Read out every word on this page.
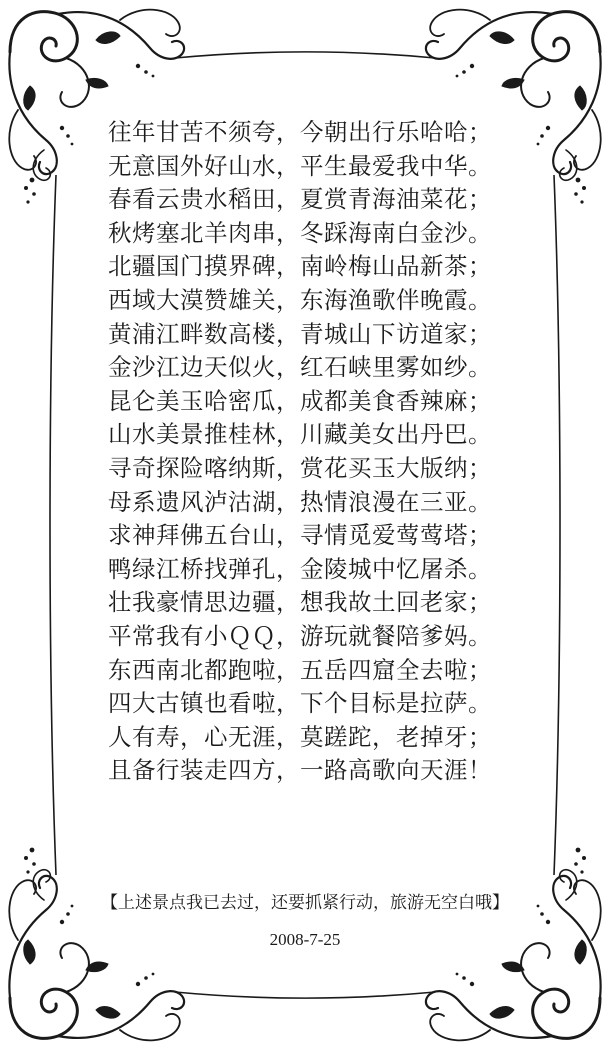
往年甘苦不须夸，今朝出行乐哈哈；
无意国外好山水，平生最爱我中华。
春看云贵水稻田，夏赏青海油菜花；
秋烤塞北羊肉串，冬踩海南白金沙。
北疆国门摸界碑，南岭梅山品新茶；
西域大漠赞雄关，东海渔歌伴晚霞。
黄浦江畔数高楼，青城山下访道家；
金沙江边天似火，红石峡里雾如纱。
昆仑美玉哈密瓜，成都美食香辣麻；
山水美景推桂林，川藏美女出丹巴。
寻奇探险喀纳斯，赏花买玉大版纳；
母系遗风泸沽湖，热情浪漫在三亚。
求神拜佛五台山，寻情觅爱莺莺塔；
鸭绿江桥找弹孔，金陵城中忆屠杀。
壮我豪情思边疆，想我故土回老家；
平常我有小ＱＱ，游玩就餐陪爹妈。
东西南北都跑啦，五岳四窟全去啦；
四大古镇也看啦，下个目标是拉萨。
人有寿，心无涯，莫蹉跎，老掉牙；
且备行装走四方，一路高歌向天涯！
【上述景点我已去过，还要抓紧行动，旅游无空白哦】
2008-7-25
